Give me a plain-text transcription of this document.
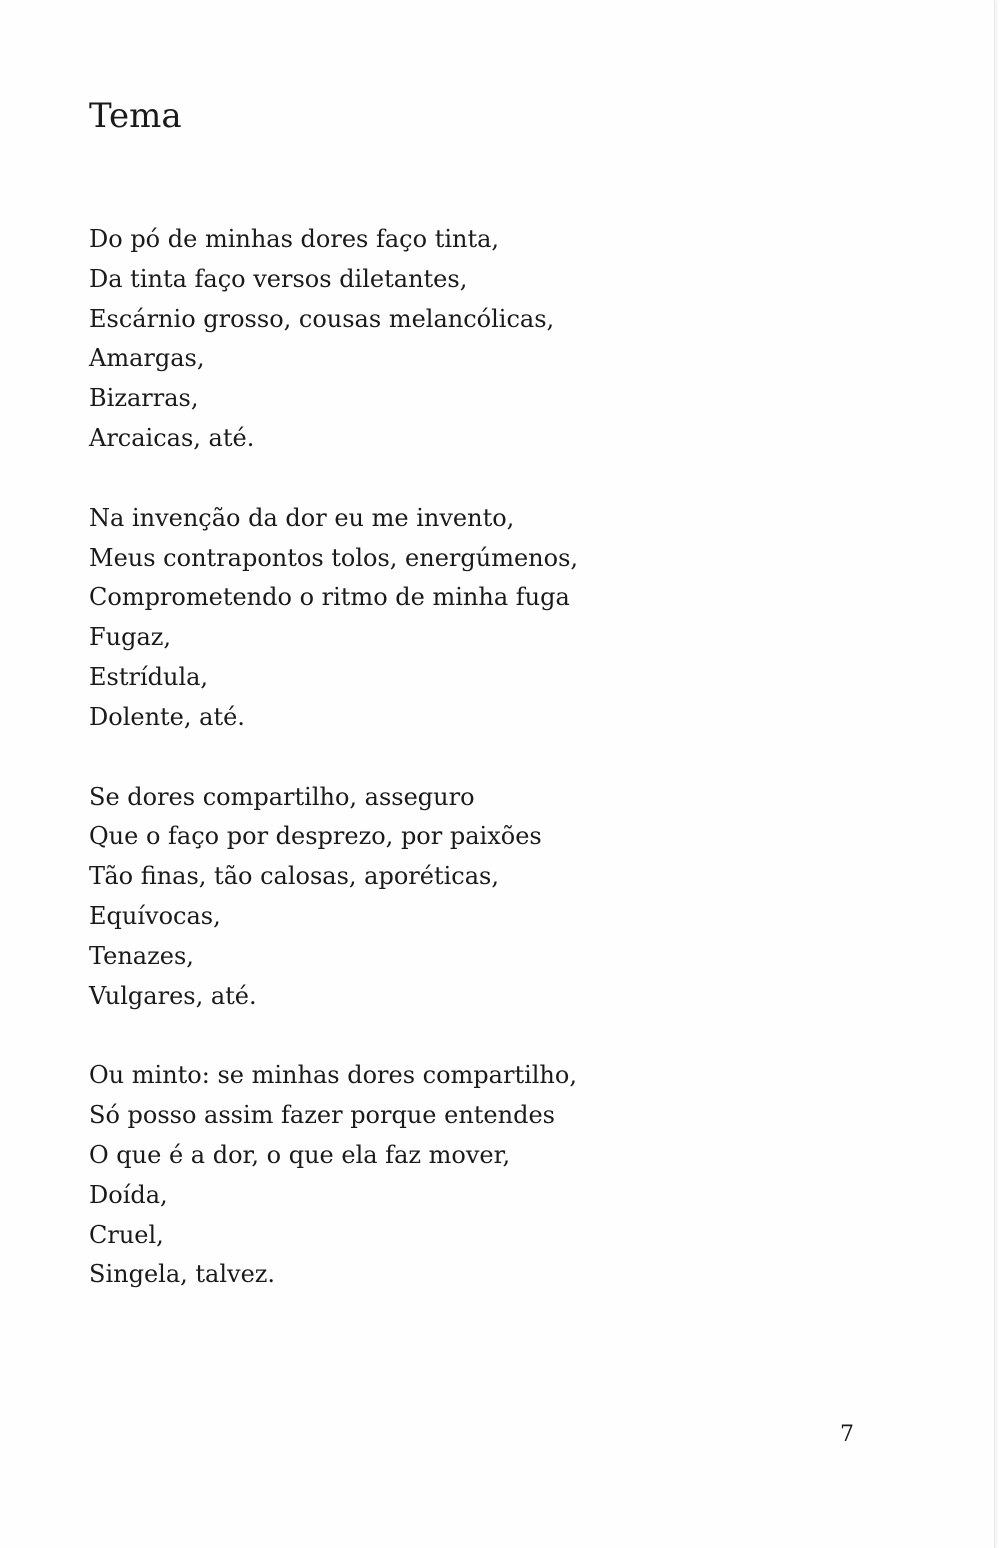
Tema
Do pó de minhas dores faço tinta,
Da tinta faço versos diletantes,
Escárnio grosso, cousas melancólicas,
Amargas,
Bizarras,
Arcaicas, até.
Na invenção da dor eu me invento,
Meus contrapontos tolos, energúmenos,
Comprometendo o ritmo de minha fuga
Fugaz,
Estrídula,
Dolente, até.
Se dores compartilho, asseguro
Que o faço por desprezo, por paixões
Tão finas, tão calosas, aporéticas,
Equívocas,
Tenazes,
Vulgares, até.
Ou minto: se minhas dores compartilho,
Só posso assim fazer porque entendes
O que é a dor, o que ela faz mover,
Doída,
Cruel,
Singela, talvez.
7
